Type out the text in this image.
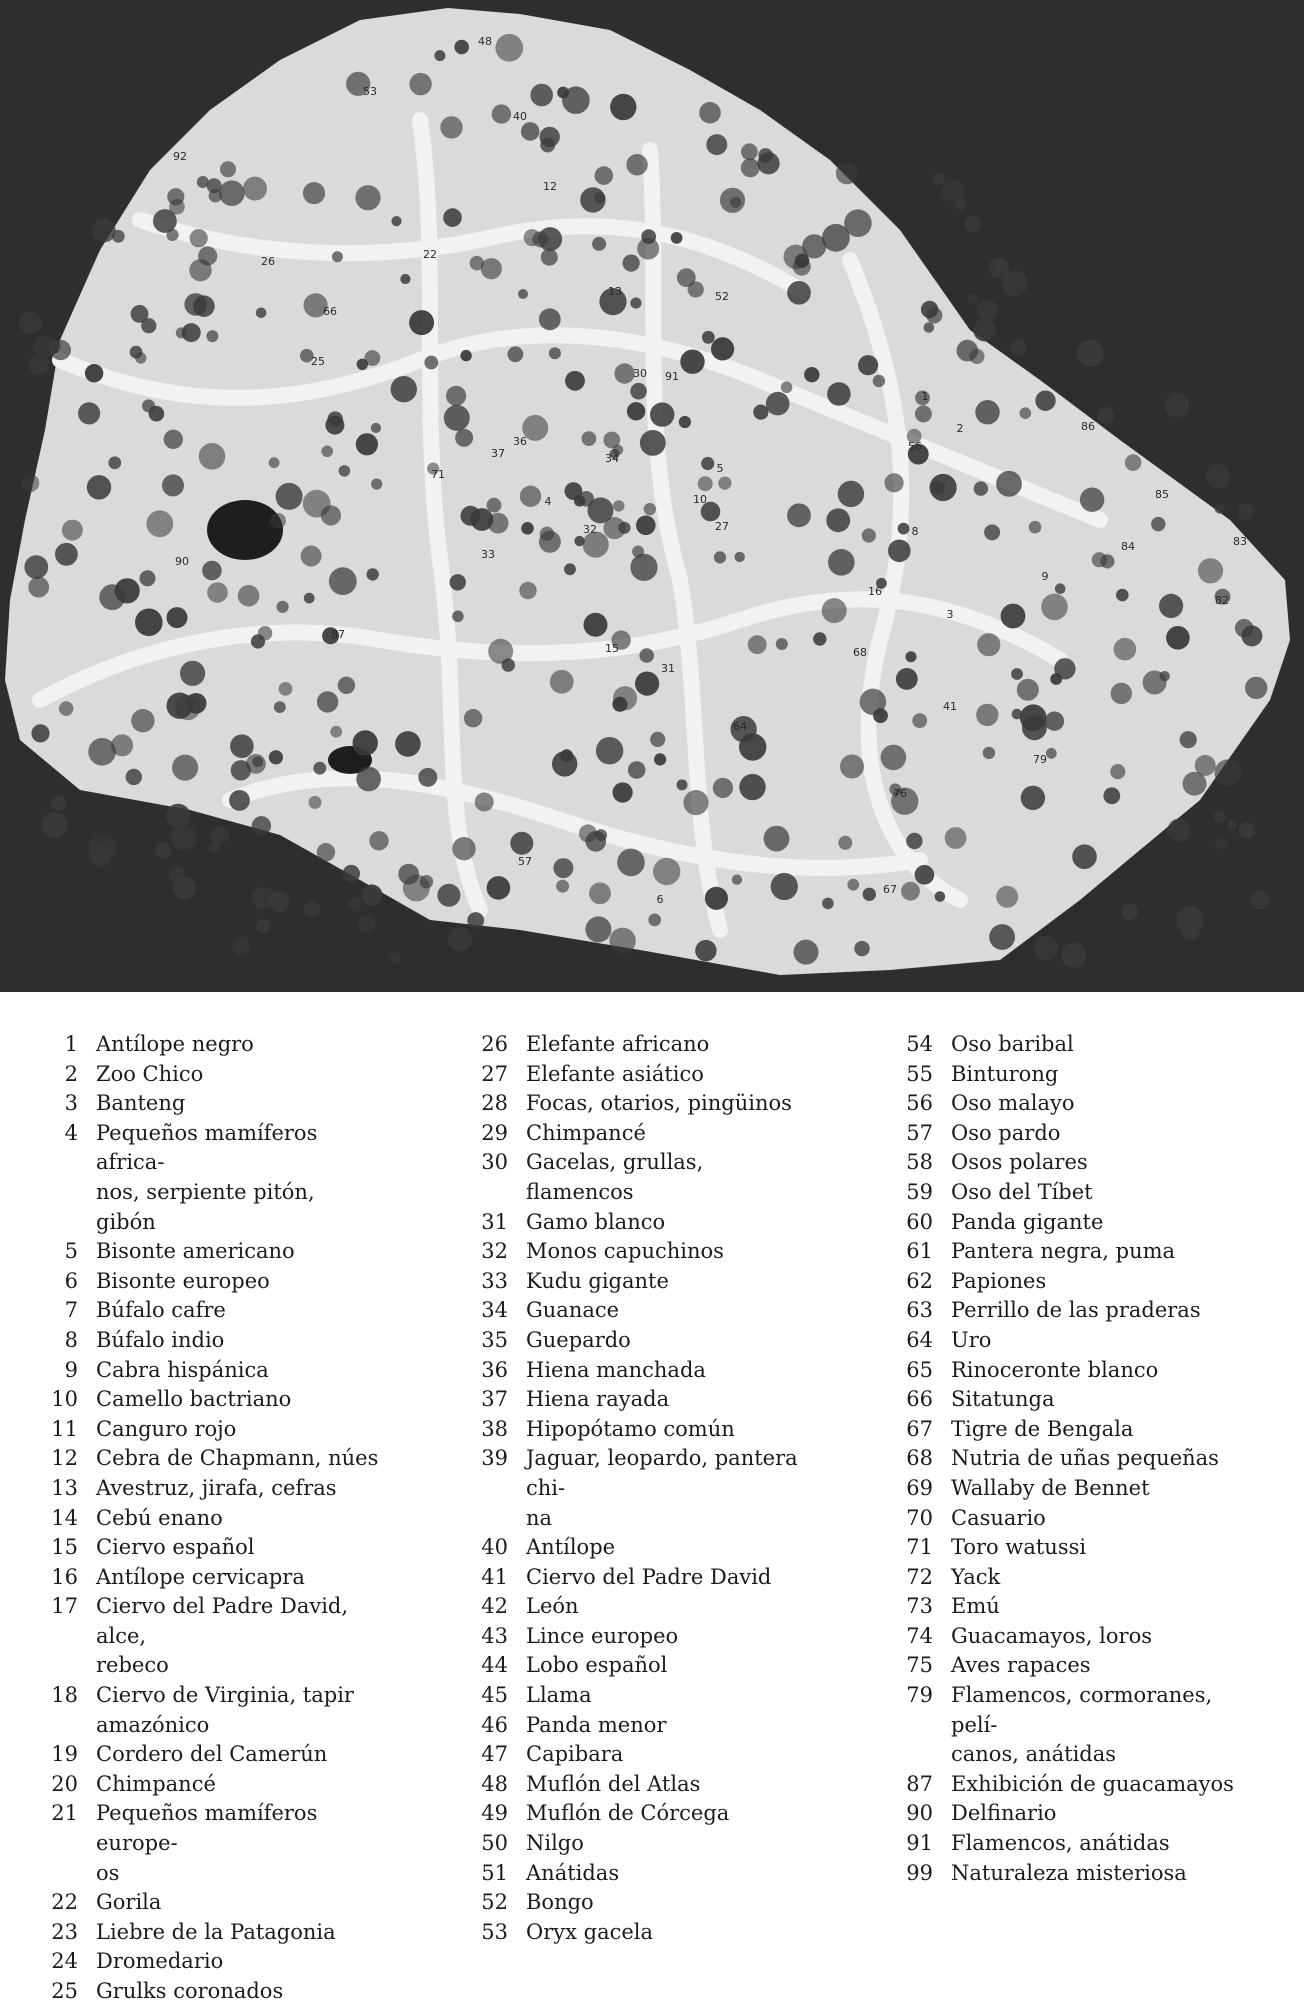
53
48
40
12
92
22
13
26
66
25
30 91
52
56
86
37
36
71
34
5
27
10
33
4
32
90
87
16
9
84
85
83
82
15
31
64
79
57
6
76
67
41
68
1
2
3
8
1 Antílope negro
2 Zoo Chico
3 Banteng
4 Pequeños mamíferos africa-
nos, serpiente pitón, gibón
5 Bisonte americano
6 Bisonte europeo
7 Búfalo cafre
8 Búfalo indio
9 Cabra hispánica
10 Camello bactriano
11 Canguro rojo
12 Cebra de Chapmann, núes
13 Avestruz, jirafa, cefras
14 Cebú enano
15 Ciervo español
16 Antílope cervicapra
17 Ciervo del Padre David, alce,
rebeco
18 Ciervo de Virginia, tapir
amazónico
19 Cordero del Camerún
20 Chimpancé
21 Pequeños mamíferos europe-
os
22 Gorila
23 Liebre de la Patagonia
24 Dromedario
25 Grulks coronados
26 Elefante africano
27 Elefante asiático
28 Focas, otarios, pingüinos
29 Chimpancé
30 Gacelas, grullas, flamencos
31 Gamo blanco
32 Monos capuchinos
33 Kudu gigante
34 Guanace
35 Guepardo
36 Hiena manchada
37 Hiena rayada
38 Hipopótamo común
39 Jaguar, leopardo, pantera chi-
na
40 Antílope
41 Ciervo del Padre David
42 León
43 Lince europeo
44 Lobo español
45 Llama
46 Panda menor
47 Capibara
48 Muflón del Atlas
49 Muflón de Córcega
50 Nilgo
51 Anátidas
52 Bongo
53 Oryx gacela
54 Oso baribal
55 Binturong
56 Oso malayo
57 Oso pardo
58 Osos polares
59 Oso del Tíbet
60 Panda gigante
61 Pantera negra, puma
62 Papiones
63 Perrillo de las praderas
64 Uro
65 Rinoceronte blanco
66 Sitatunga
67 Tigre de Bengala
68 Nutria de uñas pequeñas
69 Wallaby de Bennet
70 Casuario
71 Toro watussi
72 Yack
73 Emú
74 Guacamayos, loros
75 Aves rapaces
79 Flamencos, cormoranes, pelí-
canos, anátidas
87 Exhibición de guacamayos
90 Delfinario
91 Flamencos, anátidas
99 Naturaleza misteriosa
